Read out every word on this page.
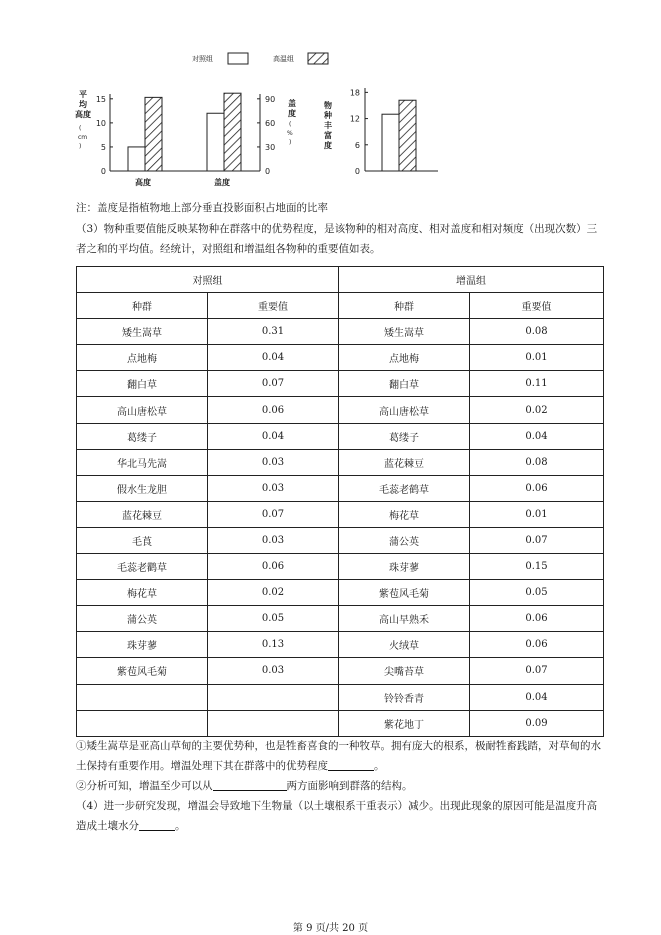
对照组	高温组
平
均
高度
(
cm
)
0
5
10
15
0
30
60
90
高度	盖度
盖
度
(
%
)
物
种
丰
富
度
0
6
12
18
注：盖度是指植物地上部分垂直投影面积占地面的比率
（3）物种重要值能反映某物种在群落中的优势程度，是该物种的相对高度、相对盖度和相对频度（出现次数）三者之和的平均值。经统计，对照组和增温组各物种的重要值如表。
对照组		增温组	
种群	重要值	种群	重要值
矮生嵩草	0.31	矮生嵩草	0.08
点地梅	0.04	点地梅	0.01
翻白草	0.07	翻白草	0.11
高山唐松草	0.06	高山唐松草	0.02
葛缕子	0.04	葛缕子	0.04
华北马先嵩	0.03	蓝花棘豆	0.08
假水生龙胆	0.03	毛蕊老鹤草	0.06
蓝花棘豆	0.07	梅花草	0.01
毛莨	0.03	蒲公英	0.07
毛蕊老鹳草	0.06	珠芽蓼	0.15
梅花草	0.02	紫苞风毛菊	0.05
蒲公英	0.05	高山早熟禾	0.06
珠芽蓼	0.13	火绒草	0.06
紫苞风毛菊	0.03	尖嘴苔草	0.07
		铃铃香青	0.04
		紫花地丁	0.09
①矮生嵩草是亚高山草甸的主要优势种，也是牲畜喜食的一种牧草。拥有庞大的根系，极耐牲畜践踏，对草甸的水土保持有重要作用。增温处理下其在群落中的优势程度	。
②分析可知，增温至少可以从	两方面影响到群落的结构。
（4）进一步研究发现，增温会导致地下生物量（以土壤根系干重表示）减少。出现此现象的原因可能是温度升高造成土壤水分	。
第 9 页/共 20 页
